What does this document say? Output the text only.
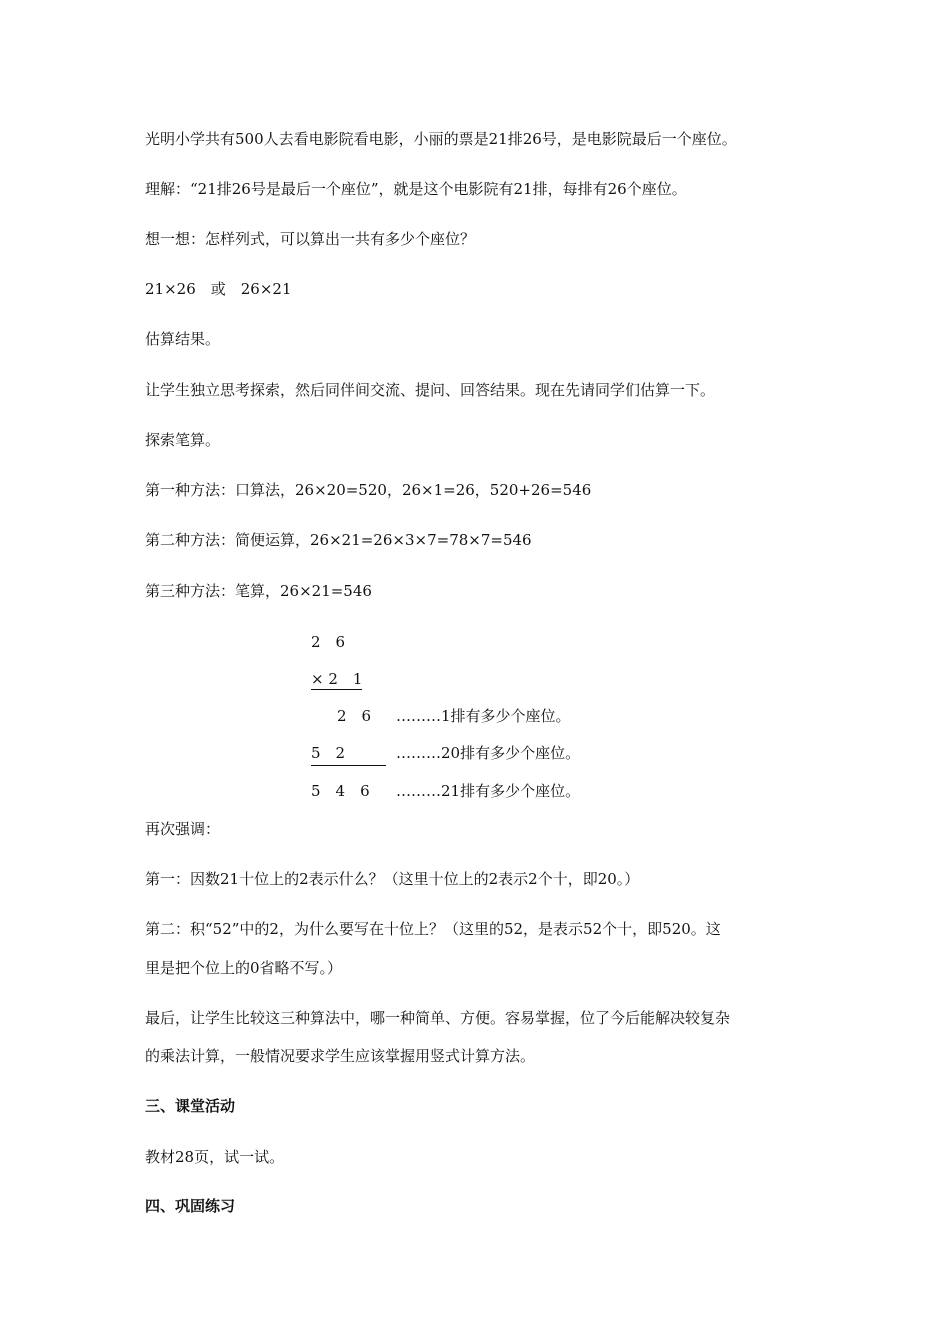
光明小学共有500人去看电影院看电影，小丽的票是21排26号，是电影院最后一个座位。
理解：“21排26号是最后一个座位”，就是这个电影院有21排，每排有26个座位。
想一想：怎样列式，可以算出一共有多少个座位？
21×26　或　26×21
估算结果。
让学生独立思考探索，然后同伴间交流、提问、回答结果。现在先请同学们估算一下。
探索笔算。
第一种方法：口算法，26×20=520，26×1=26，520+26=546
第二种方法：简便运算，26×21=26×3×7=78×7=546
第三种方法：笔算，26×21=546
2　6
× 2　1
2　6 ………1排有多少个座位。
5　2	………20排有多少个座位。
5　4　6 ………21排有多少个座位。
再次强调：
第一：因数21十位上的2表示什么？（这里十位上的2表示2个十，即20。）
第二：积“52”中的2，为什么要写在十位上？（这里的52，是表示52个十，即520。这
里是把个位上的0省略不写。）
最后，让学生比较这三种算法中，哪一种简单、方便。容易掌握，位了今后能解决较复杂
的乘法计算，一般情况要求学生应该掌握用竖式计算方法。
三、课堂活动
教材28页，试一试。
四、巩固练习
